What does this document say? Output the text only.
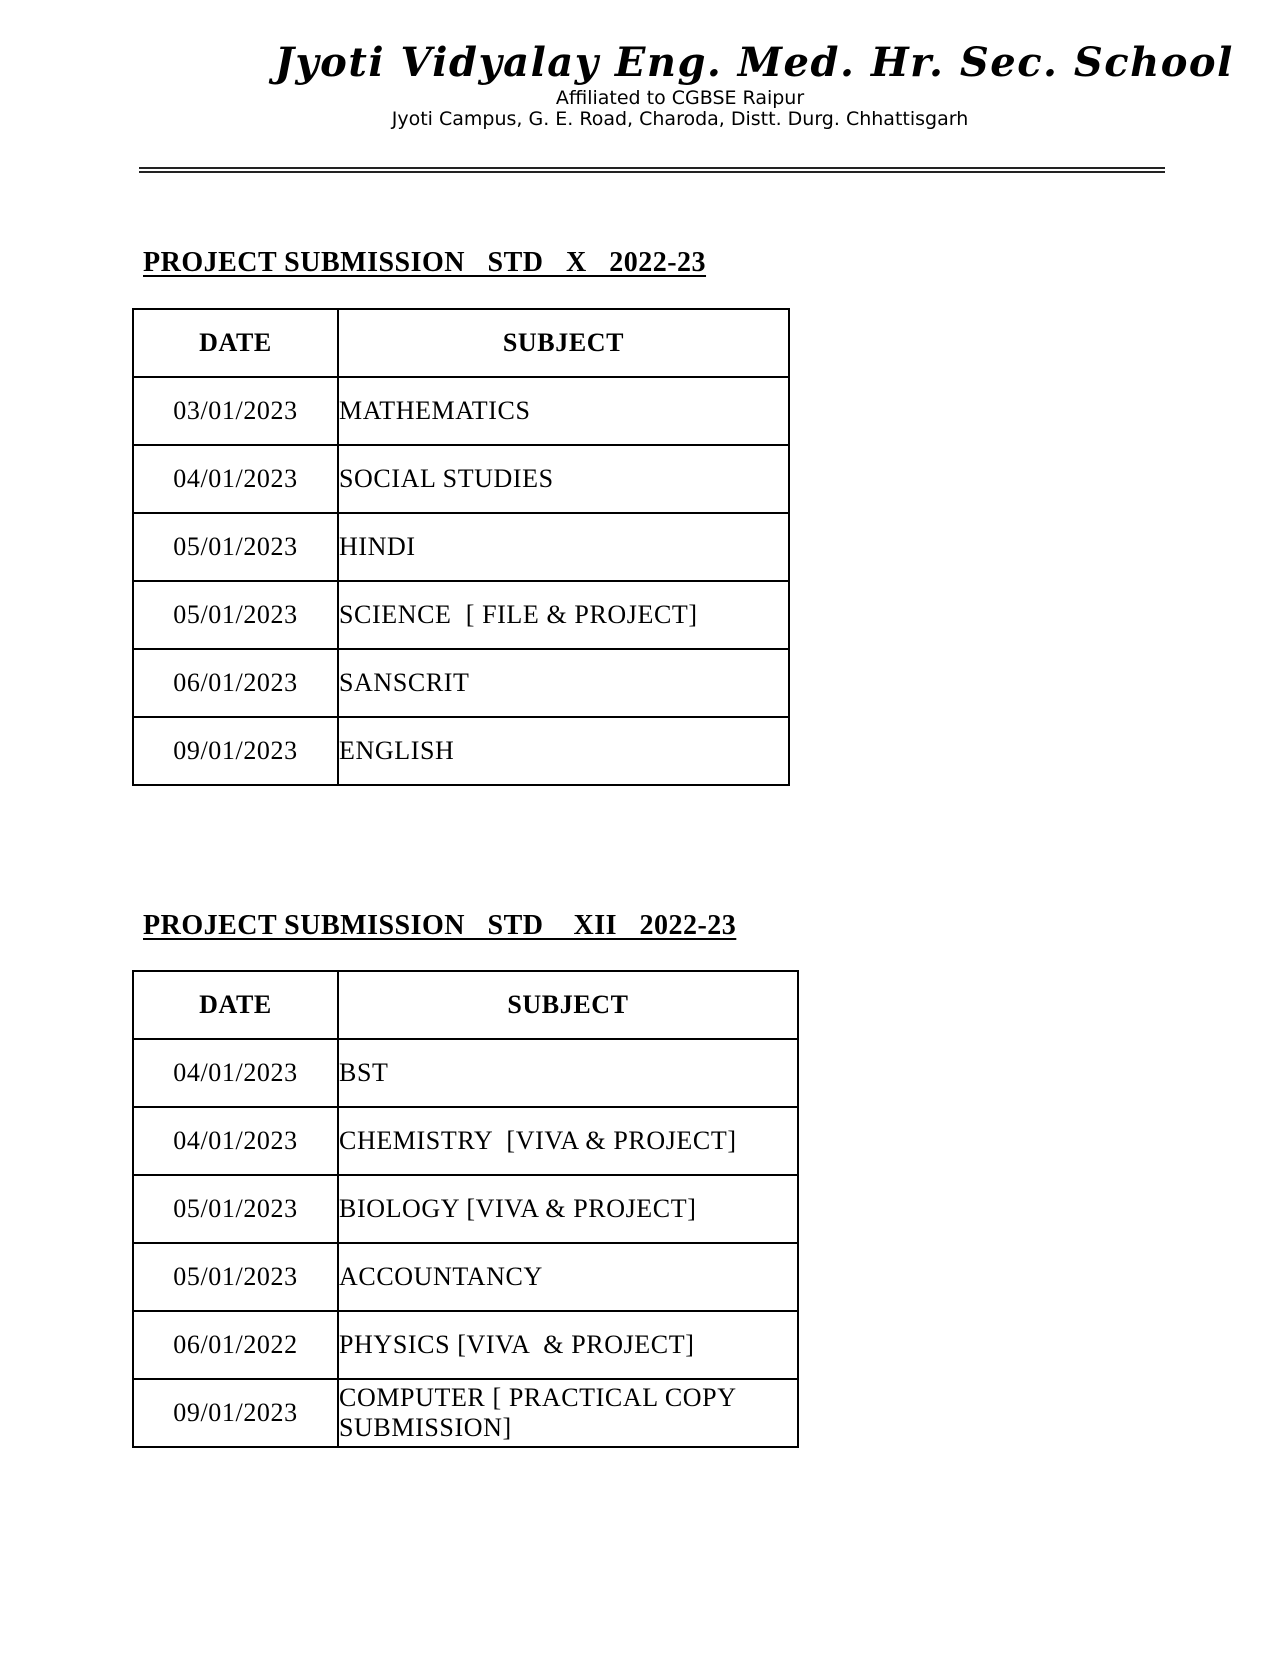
Jyoti Vidyalay Eng. Med. Hr. Sec. School
Affiliated to CGBSE Raipur
Jyoti Campus, G. E. Road, Charoda, Distt. Durg. Chhattisgarh
PROJECT SUBMISSION   STD   X   2022-23
DATE	SUBJECT
03/01/2023	MATHEMATICS
04/01/2023	SOCIAL STUDIES
05/01/2023	HINDI
05/01/2023	SCIENCE  [ FILE & PROJECT]
06/01/2023	SANSCRIT
09/01/2023	ENGLISH
PROJECT SUBMISSION   STD    XII   2022-23
DATE	SUBJECT
04/01/2023	BST
04/01/2023	CHEMISTRY  [VIVA & PROJECT]
05/01/2023	BIOLOGY [VIVA & PROJECT]
05/01/2023	ACCOUNTANCY
06/01/2022	PHYSICS [VIVA  & PROJECT]
09/01/2023	COMPUTER [ PRACTICAL COPY SUBMISSION]
